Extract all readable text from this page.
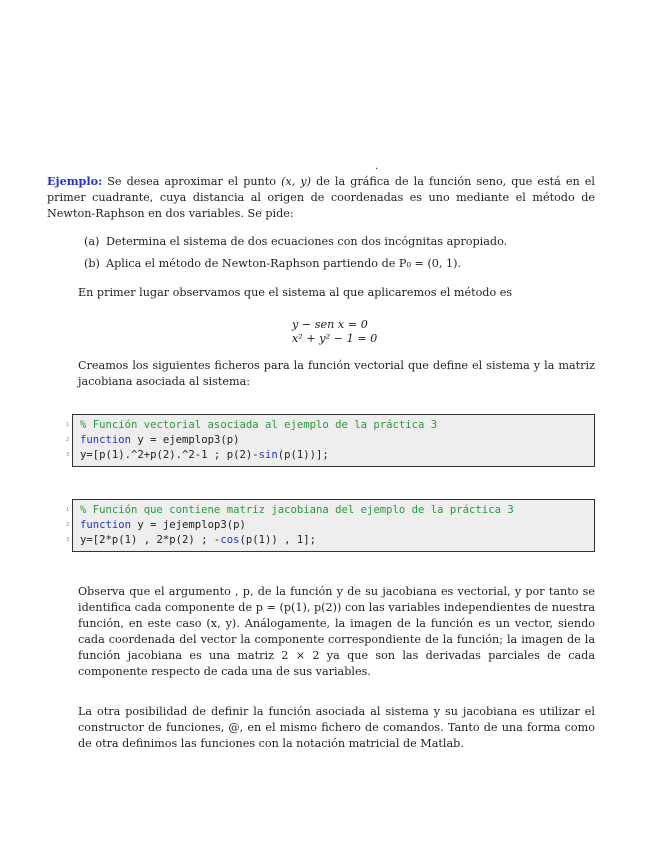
.
Ejemplo: Se desea aproximar el punto (x, y) de la gráfica de la función seno, que está en el primer cuadrante, cuya distancia al origen de coordenadas es uno mediante el método de Newton-Raphson en dos variables. Se pide:
(a) Determina el sistema de dos ecuaciones con dos incógnitas apropiado.
(b) Aplica el método de Newton-Raphson partiendo de P₀ = (0, 1).
En primer lugar observamos que el sistema al que aplicaremos el método es
y − sen x = 0
x² + y² − 1 = 0
Creamos los siguientes ficheros para la función vectorial que define el sistema y la matriz jacobiana asociada al sistema:
1 % Función vectorial asociada al ejemplo de la práctica 3
2 function y = ejemplop3(p)
3 y=[p(1).^2+p(2).^2-1 ; p(2)-sin(p(1))];
1 % Función que contiene matriz jacobiana del ejemplo de la práctica 3
2 function y = jejemplop3(p)
3 y=[2*p(1) , 2*p(2) ; -cos(p(1)) , 1];
Observa que el argumento , p, de la función y de su jacobiana es vectorial, y por tanto se identifica cada componente de p = (p(1), p(2)) con las variables independientes de nuestra función, en este caso (x, y). Análogamente, la imagen de la función es un vector, siendo cada coordenada del vector la componente correspondiente de la función; la imagen de la función jacobiana es una matriz 2 × 2 ya que son las derivadas parciales de cada componente respecto de cada una de sus variables.
La otra posibilidad de definir la función asociada al sistema y su jacobiana es utilizar el constructor de funciones, @, en el mismo fichero de comandos. Tanto de una forma como de otra definimos las funciones con la notación matricial de Matlab.
